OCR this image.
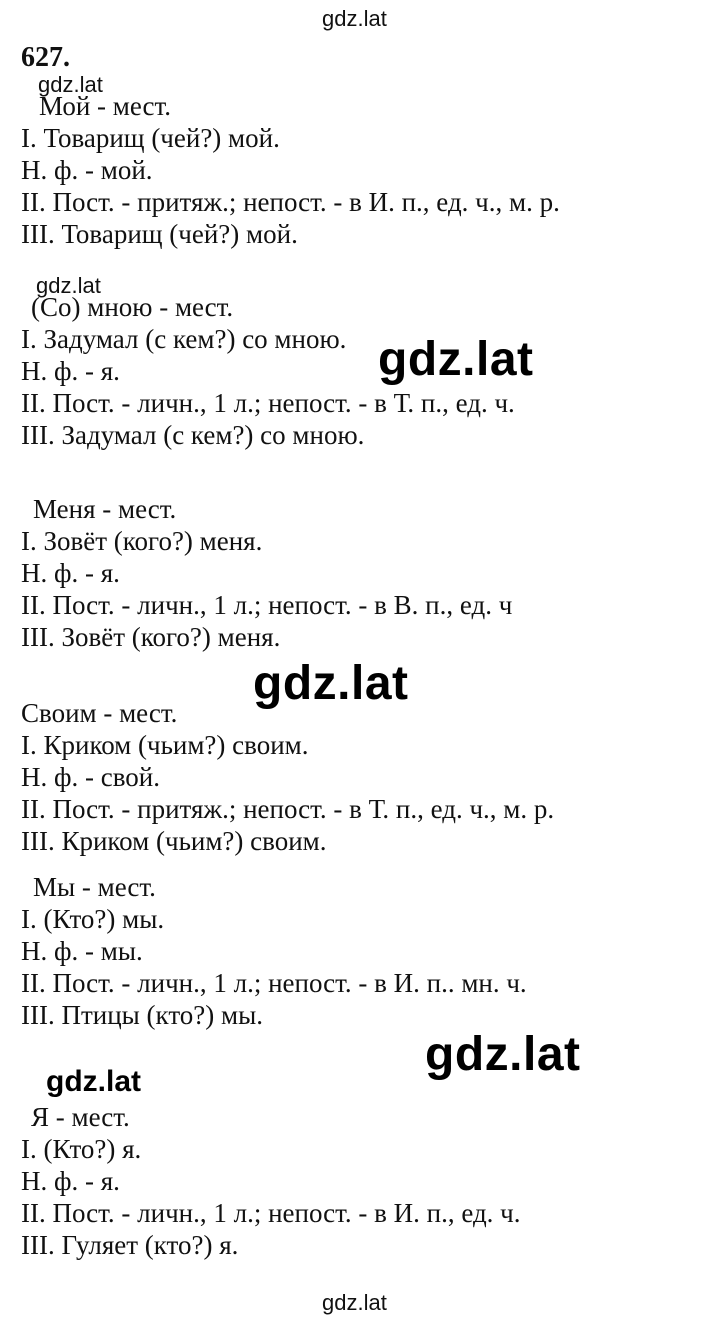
gdz.lat
627.
gdz.lat
Мой - мест.
I. Товарищ (чей?) мой.
Н. ф. - мой.
II. Пост. - притяж.; непост. - в И. п., ед. ч., м. р.
III. Товарищ (чей?) мой.
gdz.lat
(Со) мною - мест.
I. Задумал (с кем?) со мною.
Н. ф. - я.
II. Пост. - личн., 1 л.; непост. - в Т. п., ед. ч.
III. Задумал (с кем?) со мною.
gdz.lat
Меня - мест.
I. Зовёт (кого?) меня.
Н. ф. - я.
II. Пост. - личн., 1 л.; непост. - в В. п., ед. ч
III. Зовёт (кого?) меня.
gdz.lat
Своим - мест.
I. Криком (чьим?) своим.
Н. ф. - свой.
II. Пост. - притяж.; непост. - в Т. п., ед. ч., м. р.
III. Криком (чьим?) своим.
Мы - мест.
I. (Кто?) мы.
Н. ф. - мы.
II. Пост. - личн., 1 л.; непост. - в И. п.. мн. ч.
III. Птицы (кто?) мы.
gdz.lat
gdz.lat
Я - мест.
I. (Кто?) я.
Н. ф. - я.
II. Пост. - личн., 1 л.; непост. - в И. п., ед. ч.
III. Гуляет (кто?) я.
gdz.lat
